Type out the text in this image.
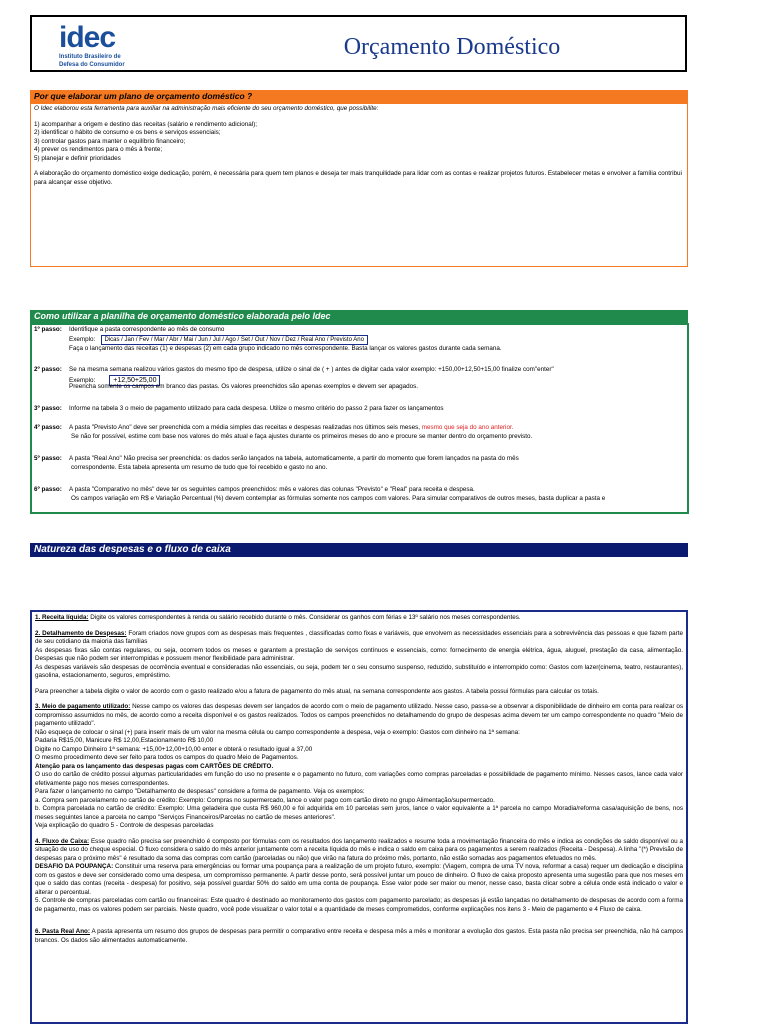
idec
Instituto Brasileiro de
Defesa do Consumidor
Orçamento Doméstico
Por que elaborar um plano de orçamento doméstico ?

O Idec elaborou esta ferramenta para auxiliar na administração mais eficiente do seu orçamento doméstico, que possibilite:

1) acompanhar a origem e destino das receitas (salário e rendimento adicional);

2) identificar o hábito de consumo e os bens e serviços essenciais;

3) controlar gastos para manter o equilíbrio financeiro;

4) prever os rendimentos para o mês à frente;

5) planejar e definir prioridades

A elaboração do orçamento doméstico exige dedicação, porém, é necessária para quem tem planos e deseja ter mais tranquilidade para lidar com as contas e realizar projetos futuros. Estabelecer metas e envolver a família contribui para alcançar esse objetivo.

Como utilizar a planilha de orçamento doméstico elaborada pelo Idec
1º passo: Identifique a pasta correspondente ao mês de consumo

Exemplo: Dicas / Jan / Fev / Mar / Abr / Mai / Jun / Jul / Ago / Set / Out / Nov / Dez / Real Ano / Previsto Ano

Faça o lançamento das receitas (1) e despesas (2) em cada grupo indicado no mês correspondente. Basta lançar os valores gastos durante cada semana.

2º passo: Se na mesma semana realizou vários gastos do mesmo tipo de despesa, utilize o sinal de ( + ) antes de digitar cada valor exemplo: +150,00+12,50+15,00 finalize com"enter"

Exemplo:	+12,50+25,00

Preencha somente os campos em branco das pastas. Os valores preenchidos são apenas exemplos e devem ser apagados.

3º passo: Informe na tabela 3 o meio de pagamento utilizado para cada despesa. Utilize o mesmo critério do passo 2 para fazer os lançamentos
4º passo: A pasta "Previsto Ano" deve ser preenchida com a média simples das receitas e despesas realizadas nos últimos seis meses, mesmo que seja do ano anterior.

Se não for possível, estime com base nos valores do mês atual e faça ajustes durante os primeiros meses do ano e procure se manter dentro do orçamento previsto.

5º passo: A pasta "Real Ano" Não precisa ser preenchida: os dados serão lançados na tabela, automaticamente, a partir do momento que forem lançados na pasta do mês

correspondente. Esta tabela apresenta um resumo de tudo que foi recebido e gasto no ano.

6º passo: A pasta "Comparativo no mês" deve ter os seguintes campos preenchidos: mês e valores das colunas "Previsto" e "Real" para receita e despesa.

Os campos variação em R$ e Variação Percentual (%) devem contemplar as fórmulas somente nos campos com valores. Para simular comparativos de outros meses, basta duplicar a pasta e

Natureza das despesas e o fluxo de caixa

1. Receita líquida: Digite os valores correspondentes à renda ou salário recebido durante o mês. Considerar os ganhos com férias e 13º salário nos meses correspondentes.

2. Detalhamento de Despesas: Foram criados nove grupos com as despesas mais frequentes , classificadas como fixas e variáveis, que envolvem as necessidades essenciais para a sobrevivência das pessoas e que fazem parte de seu cotidiano da maioria das famílias

As despesas fixas são contas regulares, ou seja, ocorrem todos os meses e garantem a prestação de serviços contínuos e essenciais, como: fornecimento de energia elétrica, água, aluguel, prestação da casa, alimentação. Despesas que não podem ser interrompidas e possuem menor flexibilidade para administrar.

As despesas variáveis são despesas de ocorrência eventual e consideradas não essenciais, ou seja, podem ter o seu consumo suspenso, reduzido, substituído e interrompido como: Gastos com lazer(cinema, teatro, restaurantes), gasolina, estacionamento, seguros, empréstimo.

Para preencher a tabela digite o valor de acordo com o gasto realizado e/ou a fatura de pagamento do mês atual, na semana correspondente aos gastos. A tabela possui fórmulas para calcular os totais.

3. Meio de pagamento utilizado: Nesse campo os valores das despesas devem ser lançados de acordo com o meio de pagamento utilizado. Nesse caso, passa-se a observar a disponibilidade de dinheiro em conta para realizar os compromisso assumidos no mês, de acordo como a receita disponível e os gastos realizados. Todos os campos preenchidos no detalhamendo do grupo de despesas acima devem ter um campo correspondente no quadro "Meio de pagamento utilizado".

Não esqueça de colocar o sinal (+) para inserir mais de um valor na mesma célula ou campo correspondente a despesa, veja o exemplo: Gastos com dinheiro na 1ª semana:

Padaria R$15,00, Manicure R$ 12,00,Estacionamento R$ 10,00

Digite no Campo Dinheiro 1ª semana: +15,00+12,00+10,00 enter e obterá o resultado igual a 37,00

O mesmo procedimento deve ser feito para todos os campos do quadro Meio de Pagamentos.

Atenção para os lançamento das despesas pagas com CARTÕES DE CRÉDITO.

O uso do cartão de crédito possui algumas particularidades em função do uso no presente e o pagamento no futuro, com variações como compras parceladas e possibilidade de pagamento mínimo. Nesses casos, lance cada valor efetivamente pago nos meses correspondentes.

Para fazer o lançamento no campo "Detalhamento de despesas" considere a forma de pagamento. Veja os exemplos:

a. Compra sem parcelamento no cartão de crédito: Exemplo: Compras no supermercado, lance o valor pago com cartão direto no grupo Alimentação/supermercado.

b. Compra parcelada no cartão de crédito: Exemplo: Uma geladeira que custa R$ 960,00 e foi adquirida em 10 parcelas sem juros, lance o valor equivalente a 1ª parcela no campo Moradia/reforma casa/aquisição de bens, nos meses seguintes lance a parcela no campo "Serviços Financeiros/Parcelas no cartão de meses anteriores".

Veja explicação do quadro 5 - Controle de despesas parceladas

4. Fluxo de Caixa: Esse quadro não precisa ser preenchido é composto por fórmulas com os resultados dos lançamento realizados e resume toda a movimentação financeira do mês e indica as condições de saldo disponível ou a situação de uso do cheque especial. O fluxo considera o saldo do mês anterior juntamente com a receita líquida do mês e indica o saldo em caixa para os pagamentos a serem realizados (Receita - Despesa). A linha "(*) Previsão de despesas para o próximo mês" é resultado da soma das compras com cartão (parceladas ou não) que virão na fatura do próximo mês, portanto, não estão somadas aos pagamentos efetuados no mês.

DESAFIO DA POUPANÇA: Constituir uma reserva para emergências ou formar uma poupança para a realização de um projeto futuro, exemplo: (Viagem, compra de uma TV nova, reformar a casa) requer um dedicação e disciplina com os gastos e deve ser considerado como uma despesa, um compromisso permanente. A partir desse ponto, será possível juntar um pouco de dinheiro. O fluxo de caixa proposto apresenta uma sugestão para que nos meses em que o saldo das contas (receita - despesa) for positivo, seja possível guardar 50% do saldo em uma conta de poupança. Esse valor pode ser maior ou menor, nesse caso, basta clicar sobre a célula onde está indicado o valor e alterar o percentual.

5. Controle de compras parceladas com cartão ou financeiras: Este quadro é destinado ao monitoramento dos gastos com pagamento parcelado; as despesas já estão lançadas no detalhamento de despesas de acordo com a forma de pagamento, mas os valores podem ser parciais. Neste quadro, você pode visualizar o valor total e a quantidade de meses comprometidos, conforme explicações nos itens 3 - Meio de pagamento e 4 Fluxo de caixa.

6. Pasta Real Ano: A pasta apresenta um resumo dos grupos de despesas para permitir o comparativo entre receita e despesa mês a mês e monitorar a evolução dos gastos. Esta pasta não precisa ser preenchida, não há campos brancos. Os dados são alimentados automaticamente.
